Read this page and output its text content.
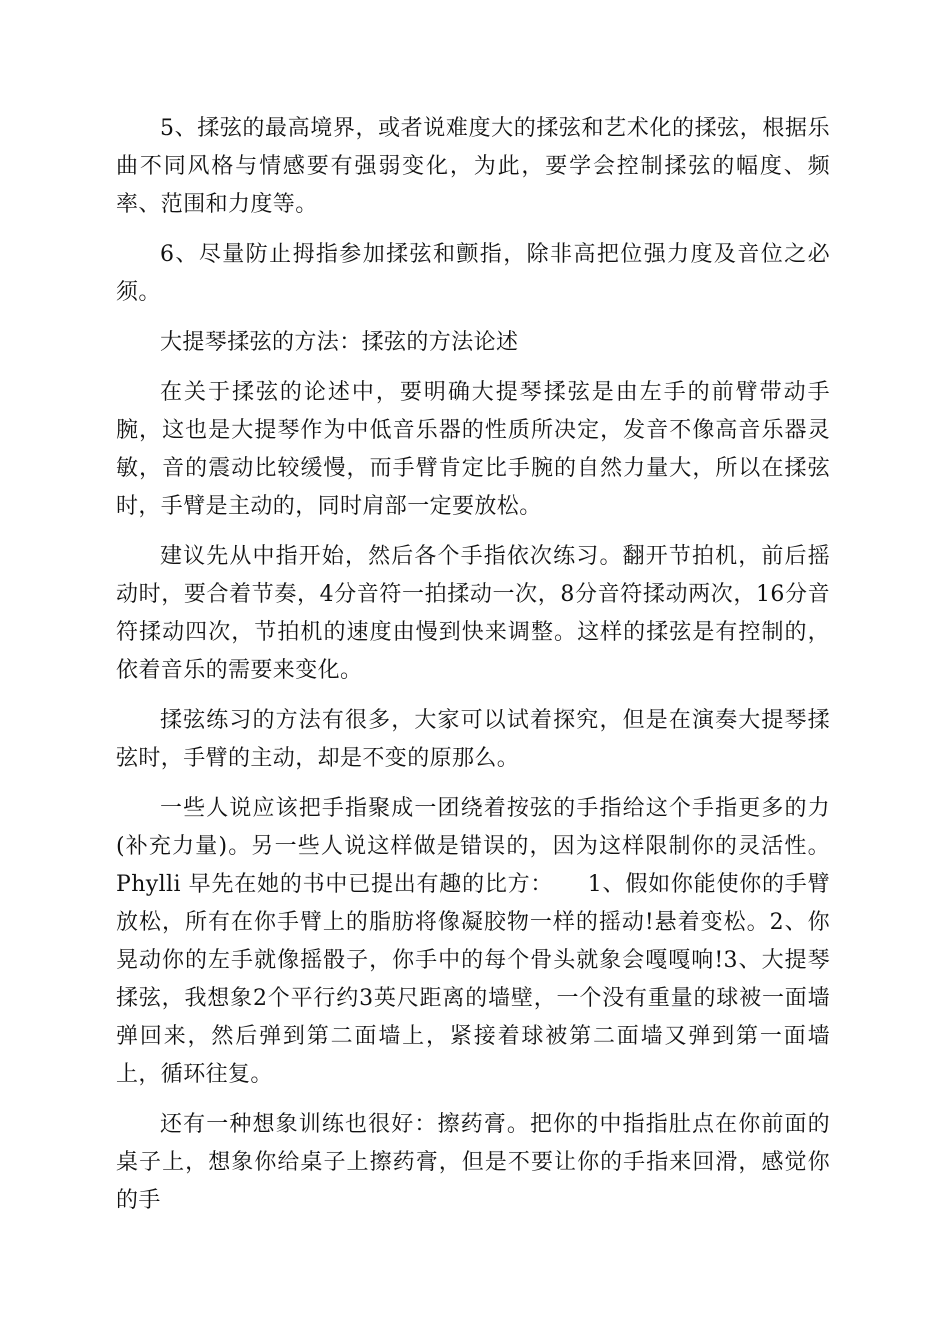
5、揉弦的最高境界，或者说难度大的揉弦和艺术化的揉弦，根据乐曲不同风格与情感要有强弱变化，为此，要学会控制揉弦的幅度、频率、范围和力度等。

6、尽量防止拇指参加揉弦和颤指，除非高把位强力度及音位之必须。

大提琴揉弦的方法：揉弦的方法论述

在关于揉弦的论述中，要明确大提琴揉弦是由左手的前臂带动手腕，这也是大提琴作为中低音乐器的性质所决定，发音不像高音乐器灵敏，音的震动比较缓慢，而手臂肯定比手腕的自然力量大，所以在揉弦时，手臂是主动的，同时肩部一定要放松。

建议先从中指开始，然后各个手指依次练习。翻开节拍机，前后摇动时，要合着节奏，4分音符一拍揉动一次，8分音符揉动两次，16分音符揉动四次，节拍机的速度由慢到快来调整。这样的揉弦是有控制的，依着音乐的需要来变化。

揉弦练习的方法有很多，大家可以试着探究，但是在演奏大提琴揉弦时，手臂的主动，却是不变的原那么。

一些人说应该把手指聚成一团绕着按弦的手指给这个手指更多的力(补充力量)。另一些人说这样做是错误的，因为这样限制你的灵活性。Phylli 早先在她的书中已提出有趣的比方：　　1、假如你能使你的手臂放松，所有在你手臂上的脂肪将像凝胶物一样的摇动!悬着变松。2、你晃动你的左手就像摇骰子，你手中的每个骨头就象会嘎嘎响!3、大提琴揉弦，我想象2个平行约3英尺距离的墙壁，一个没有重量的球被一面墙弹回来，然后弹到第二面墙上，紧接着球被第二面墙又弹到第一面墙上，循环往复。

还有一种想象训练也很好：擦药膏。把你的中指指肚点在你前面的桌子上，想象你给桌子上擦药膏，但是不要让你的手指来回滑，感觉你的手
